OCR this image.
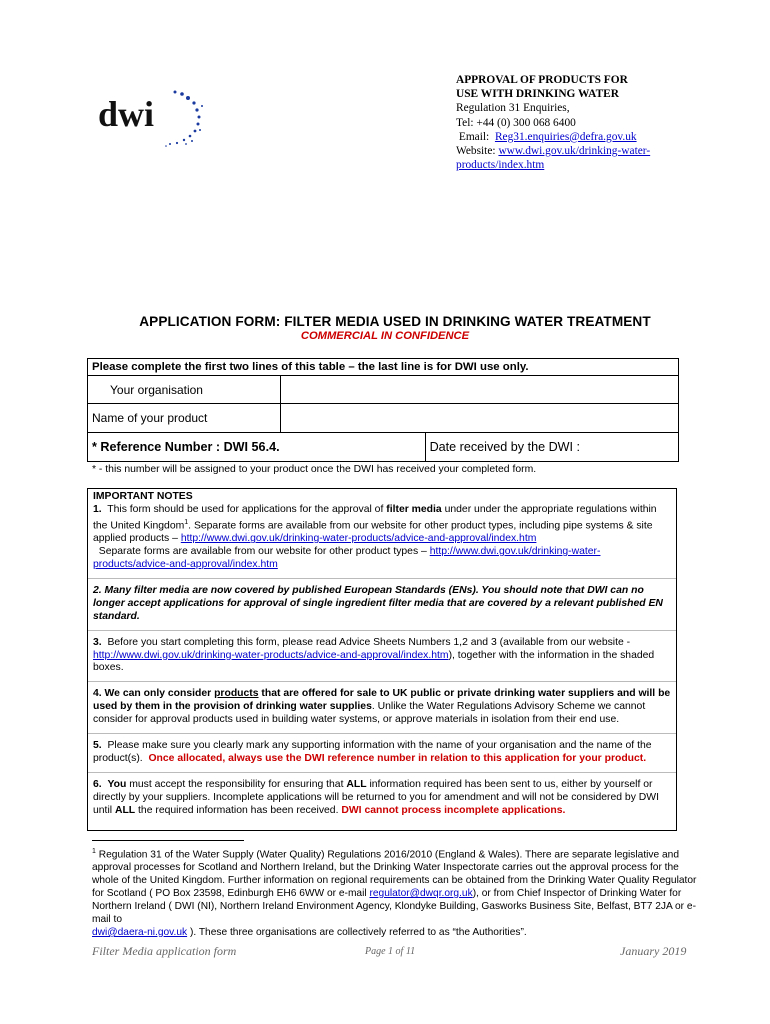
dwi
APPROVAL OF PRODUCTS FOR
USE WITH DRINKING WATER
Regulation 31 Enquiries,
Tel: +44 (0) 300 068 6400
Email: Reg31.enquiries@defra.gov.uk
Website: www.dwi.gov.uk/drinking-water-
products/index.htm
APPLICATION FORM: FILTER MEDIA USED IN DRINKING WATER TREATMENT
COMMERCIAL IN CONFIDENCE
Please complete the first two lines of this table – the last line is for DWI use only.		
Your organisation		
Name of your product		
* Reference Number : DWI 56.4.		Date received by the DWI :
* - this number will be assigned to your product once the DWI has received your completed form.

IMPORTANT NOTES

1. This form should be used for applications for the approval of filter media under under the appropriate regulations within the United Kingdom$^1$. Separate forms are available from our website for other product types, including pipe systems & site applied products – http://www.dwi.gov.uk/drinking-water-products/advice-and-approval/index.htm
Separate forms are available from our website for other product types – http://www.dwi.gov.uk/drinking-water-products/advice-and-approval/index.htm

2. Many filter media are now covered by published European Standards (ENs). You should note that DWI can no longer accept applications for approval of single ingredient filter media that are covered by a relevant published EN standard.

3. Before you start completing this form, please read Advice Sheets Numbers 1,2 and 3 (available from our website - http://www.dwi.gov.uk/drinking-water-products/advice-and-approval/index.htm), together with the information in the shaded boxes.

4. We can only consider products that are offered for sale to UK public or private drinking water suppliers and will be used by them in the provision of drinking water supplies. Unlike the Water Regulations Advisory Scheme we cannot consider for approval products used in building water systems, or approve materials in isolation from their end use.

5. Please make sure you clearly mark any supporting information with the name of your organisation and the name of the product(s). Once allocated, always use the DWI reference number in relation to this application for your product.

6. You must accept the responsibility for ensuring that ALL information required has been sent to us, either by yourself or directly by your suppliers. Incomplete applications will be returned to you for amendment and will not be considered by DWI until ALL the required information has been received. DWI cannot process incomplete applications.

$^1$ Regulation 31 of the Water Supply (Water Quality) Regulations 2016/2010 (England & Wales). There are separate legislative and approval processes for Scotland and Northern Ireland, but the Drinking Water Inspectorate carries out the approval process for the whole of the United Kingdom. Further information on regional requirements can be obtained from the Drinking Water Quality Regulator for Scotland ( PO Box 23598, Edinburgh EH6 6WW or e-mail regulator@dwqr.org.uk), or from Chief Inspector of Drinking Water for Northern Ireland ( DWI (NI), Northern Ireland Environment Agency, Klondyke Building, Gasworks Business Site, Belfast, BT7 2JA or e-mail to
dwi@daera-ni.gov.uk ). These three organisations are collectively referred to as “the Authorities”.
Filter Media application form	Page 1 of 11	January 2019
